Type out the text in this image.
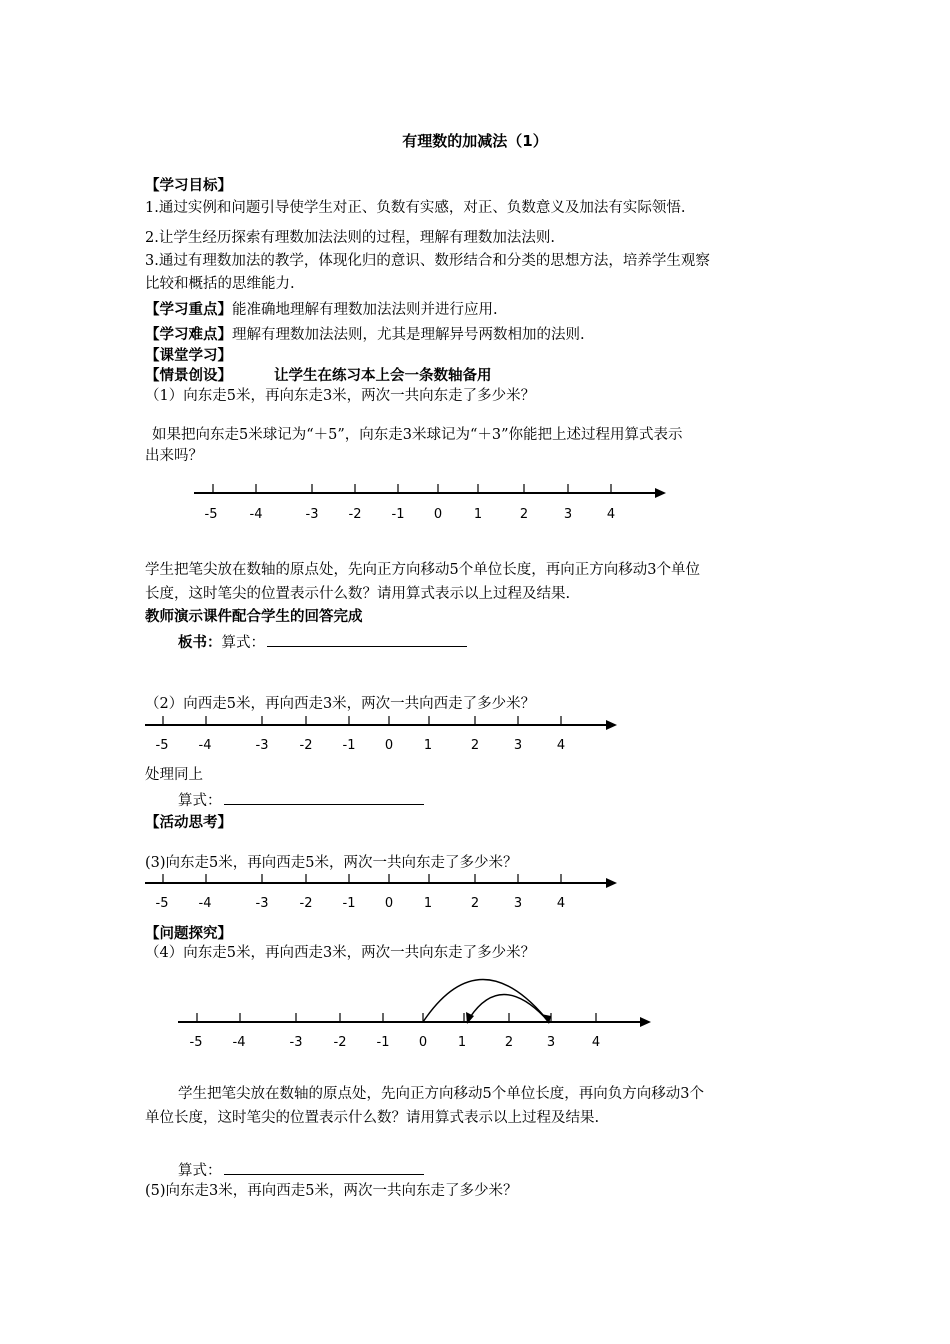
有理数的加减法（1）
【学习目标】
1.通过实例和问题引导使学生对正、负数有实感，对正、负数意义及加法有实际领悟.
2.让学生经历探索有理数加法法则的过程，理解有理数加法法则.
3.通过有理数加法的教学，体现化归的意识、数形结合和分类的思想方法，培养学生观察
比较和概括的思维能力.
【学习重点】能准确地理解有理数加法法则并进行应用.
【学习难点】理解有理数加法法则，尤其是理解异号两数相加的法则.
【课堂学习】
【情景创设】	让学生在练习本上会一条数轴备用
（1）向东走5米，再向东走3米，两次一共向东走了多少米？
如果把向东走5米球记为“＋5”，向东走3米球记为“＋3”你能把上述过程用算式表示
出来吗？
-5 -4	-3 -2 -1 0 1	2	3	4
学生把笔尖放在数轴的原点处，先向正方向移动5个单位长度，再向正方向移动3个单位
长度，这时笔尖的位置表示什么数？请用算式表示以上过程及结果.
教师演示课件配合学生的回答完成
板书：算式：
（2）向西走5米，再向西走3米，两次一共向西走了多少米？
-5 -4	-3 -2 -1 0 1	2	3	4
处理同上
算式：
【活动思考】
(3)向东走5米，再向西走5米，两次一共向东走了多少米？
-5 -4	-3 -2 -1 0 1	2	3	4
【问题探究】
（4）向东走5米，再向西走3米，两次一共向东走了多少米？
-5 -4	-3 -2 -1 0 1	2	3	4
学生把笔尖放在数轴的原点处，先向正方向移动5个单位长度，再向负方向移动3个
单位长度，这时笔尖的位置表示什么数？请用算式表示以上过程及结果.
算式：
(5)向东走3米，再向西走5米，两次一共向东走了多少米？
